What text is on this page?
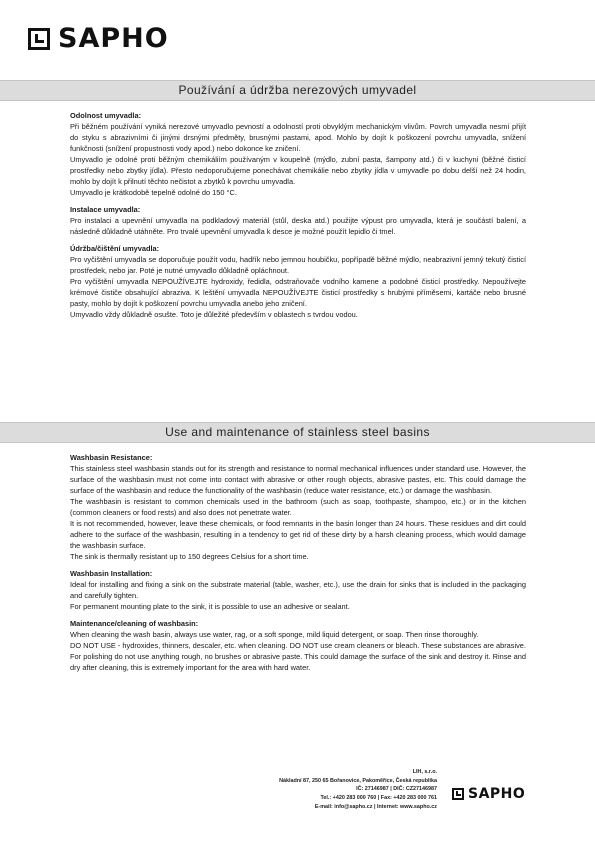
SAPHO
Používání a údržba nerezových umyvadel
Odolnost umyvadla:

Při běžném používání vyniká nerezové umyvadlo pevností a odolností proti obvyklým mechanickým vlivům. Povrch umyvadla nesmí přijít do styku s abrazivními či jinými drsnými předměty, brusnými pastami, apod. Mohlo by dojít k poškození povrchu umyvadla, snížení funkčnosti (snížení propustnosti vody apod.) nebo dokonce ke zničení.

Umyvadlo je odolné proti běžným chemikáliím používaným v koupelně (mýdlo, zubní pasta, šampony atd.) či v kuchyni (běžné čisticí prostředky nebo zbytky jídla). Přesto nedoporučujeme ponechávat chemikálie nebo zbytky jídla v umyvadle po dobu delší než 24 hodin, mohlo by dojít k přilnutí těchto nečistot a zbytků k povrchu umyvadla.

Umyvadlo je krátkodobě tepelně odolné do 150 °C.

Instalace umyvadla:

Pro instalaci a upevnění umyvadla na podkladový materiál (stůl, deska atd.) použijte výpust pro umyvadla, která je součástí balení, a následně důkladně utáhněte. Pro trvalé upevnění umyvadla k desce je možné použít lepidlo či tmel.

Údržba/čištění umyvadla:

Pro vyčištění umyvadla se doporučuje použít vodu, hadřík nebo jemnou houbičku, popřípadě běžné mýdlo, neabrazivní jemný tekutý čisticí prostředek, nebo jar. Poté je nutné umyvadlo důkladně opláchnout.

Pro vyčištění umyvadla NEPOUŽÍVEJTE hydroxidy, ředidla, odstraňovače vodního kamene a podobné čisticí prostředky. Nepoužívejte krémové čističe obsahující abraziva. K leštění umyvadla NEPOUŽÍVEJTE čisticí prostředky s hrubými příměsemi, kartáče nebo brusné pasty, mohlo by dojít k poškození povrchu umyvadla anebo jeho zničení.

Umyvadlo vždy důkladně osušte. Toto je důležité především v oblastech s tvrdou vodou.

Use and maintenance of stainless steel basins
Washbasin Resistance:

This stainless steel washbasin stands out for its strength and resistance to normal mechanical influences under standard use. However, the surface of the washbasin must not come into contact with abrasive or other rough objects, abrasive pastes, etc. This could damage the surface of the washbasin and reduce the functionality of the washbasin (reduce water resistance, etc.) or damage the washbasin.

The washbasin is resistant to common chemicals used in the bathroom (such as soap, toothpaste, shampoo, etc.) or in the kitchen (common cleaners or food rests) and also does not penetrate water.

It is not recommended, however, leave these chemicals, or food remnants in the basin longer than 24 hours. These residues and dirt could adhere to the surface of the washbasin, resulting in a tendency to get rid of these dirty by a harsh cleaning process, which would damage the washbasin surface.

The sink is thermally resistant up to 150 degrees Celsius for a short time.

Washbasin Installation:

Ideal for installing and fixing a sink on the substrate material (table, washer, etc.), use the drain for sinks that is included in the packaging and carefully tighten.

For permanent mounting plate to the sink, it is possible to use an adhesive or sealant.

Maintenance/cleaning of washbasin:

When cleaning the wash basin, always use water, rag, or a soft sponge, mild liquid detergent, or soap. Then rinse thoroughly.

DO NOT USE - hydroxides, thinners, descaler, etc. when cleaning. DO NOT use cream cleaners or bleach. These substances are abrasive.

For polishing do not use anything rough, no brushes or abrasive paste. This could damage the surface of the sink and destroy it. Rinse and dry after cleaning, this is extremely important for the area with hard water.

LIH, s.r.o.
Nákladní 87, 250 65 Bořanovice, Pakoměřice, Česká republika
IČ: 27146987 | DIČ: CZ27146987
Tel.: +420 283 000 760 | Fax: +420 283 000 761
E-mail: info@sapho.cz | Internet: www.sapho.cz
SAPHO
